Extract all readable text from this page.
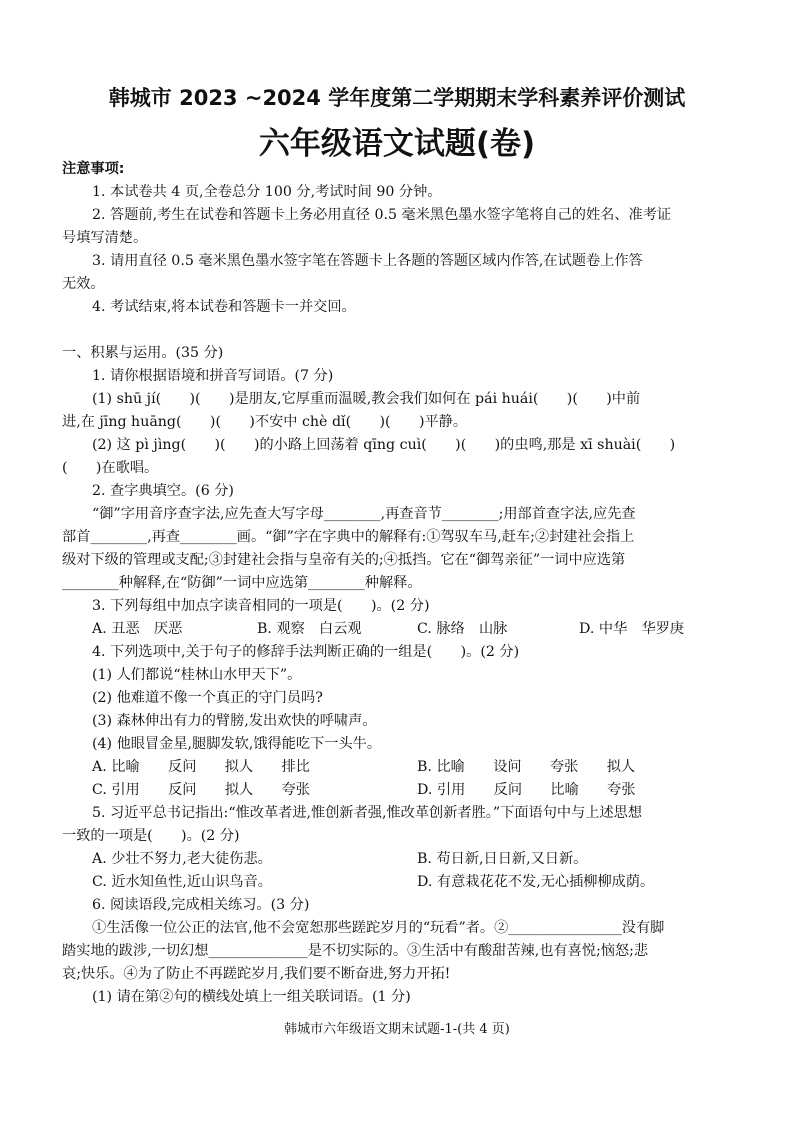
韩城市 2023 ~2024 学年度第二学期期末学科素养评价测试
六年级语文试题(卷)
注意事项:
1. 本试卷共 4 页,全卷总分 100 分,考试时间 90 分钟。
2. 答题前,考生在试卷和答题卡上务必用直径 0.5 毫米黑色墨水签字笔将自己的姓名、准考证
号填写清楚。
3. 请用直径 0.5 毫米黑色墨水签字笔在答题卡上各题的答题区域内作答,在试题卷上作答
无效。
4. 考试结束,将本试卷和答题卡一并交回。
一、积累与运用。(35 分)
1. 请你根据语境和拼音写词语。(7 分)
(1) shū jí(　　)(　　)是朋友,它厚重而温暖,教会我们如何在 pái huái(　　)(　　)中前
进,在 jīng huāng(　　)(　　)不安中 chè dǐ(　　)(　　)平静。
(2) 这 pì jìng(　　)(　　)的小路上回荡着 qīng cuì(　　)(　　)的虫鸣,那是 xī shuài(　　)
(　　)在歌唱。
2. 查字典填空。(6 分)
“御”字用音序查字法,应先查大写字母________,再查音节________;用部首查字法,应先查
部首________,再查________画。“御”字在字典中的解释有:①驾驭车马,赶车;②封建社会指上
级对下级的管理或支配;③封建社会指与皇帝有关的;④抵挡。它在“御驾亲征”一词中应选第
________种解释,在“防御”一词中应选第________种解释。
3. 下列每组中加点字读音相同的一项是(　　)。(2 分)
A. 丑恶　 厌恶	B. 观察　 白云观	C. 脉络　 山脉	D. 中华　 华罗庚
4. 下列选项中,关于句子的修辞手法判断正确的一组是(　　)。(2 分)
(1) 人们都说“桂林山水甲天下”。
(2) 他难道不像一个真正的守门员吗?
(3) 森林伸出有力的臂膀,发出欢快的呼啸声。
(4) 他眼冒金星,腿脚发软,饿得能吃下一头牛。
A. 比喻　　反问　　拟人　　排比	B. 比喻　　设问　　夸张　　拟人
C. 引用　　反问　　拟人　　夸张	D. 引用　　反问　　比喻　　夸张
5. 习近平总书记指出:“惟改革者进,惟创新者强,惟改革创新者胜。”下面语句中与上述思想
一致的一项是(　　)。(2 分)
A. 少壮不努力,老大徒伤悲。	B. 苟日新,日日新,又日新。
C. 近水知鱼性,近山识鸟音。	D. 有意栽花花不发,无心插柳柳成荫。
6. 阅读语段,完成相关练习。(3 分)
①生活像一位公正的法官,他不会宽恕那些蹉跎岁月的“玩看”者。②________________没有脚
踏实地的跋涉,一切幻想______________是不切实际的。③生活中有酸甜苦辣,也有喜悦;恼怒;悲
哀;快乐。④为了防止不再蹉跎岁月,我们要不断奋进,努力开拓!
(1) 请在第②句的横线处填上一组关联词语。(1 分)
韩城市六年级语文期末试题-1-(共 4 页)
